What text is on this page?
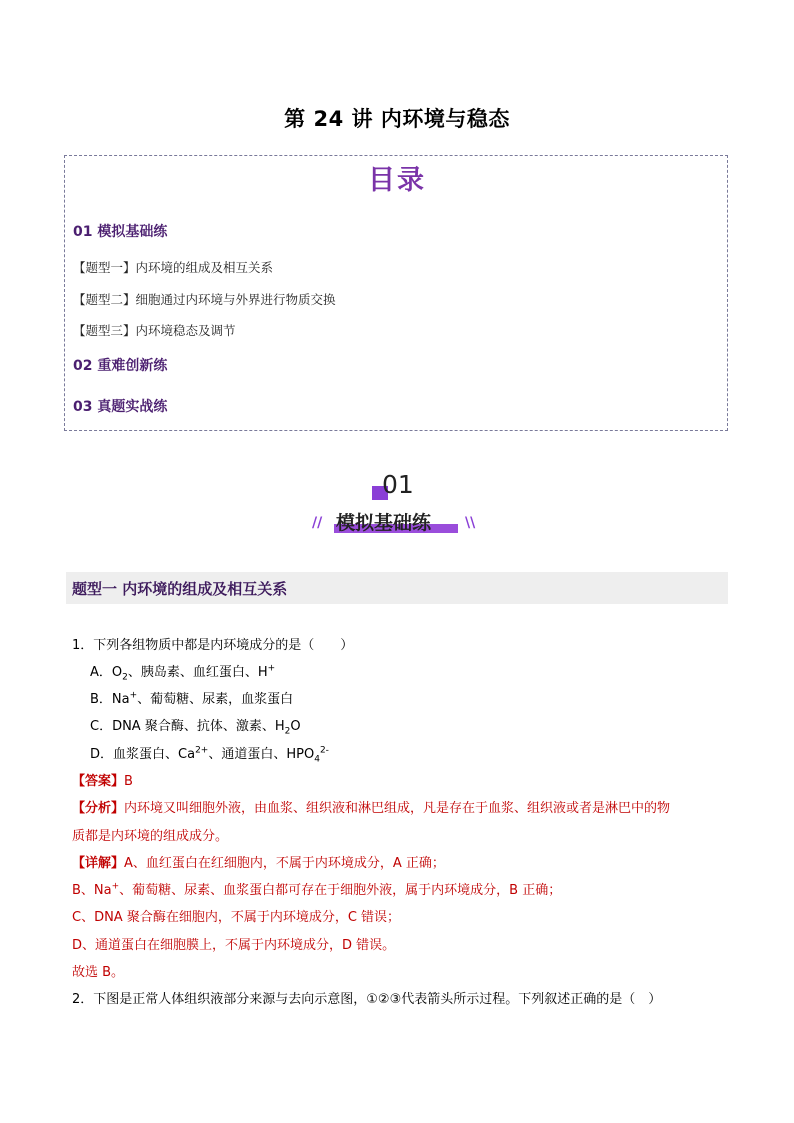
第 24 讲 内环境与稳态
目录
01 模拟基础练
【题型一】内环境的组成及相互关系
【题型二】细胞通过内环境与外界进行物质交换
【题型三】内环境稳态及调节
02 重难创新练
03 真题实战练
01
// 模拟基础练 \\
题型一 内环境的组成及相互关系
1．下列各组物质中都是内环境成分的是（　　）
A．$O_2$、胰岛素、血红蛋白、H+
B．Na+、葡萄糖、尿素，血浆蛋白
C．DNA 聚合酶、抗体、激素、$H_2O$
D．血浆蛋白、$Ca^{2+}$、通道蛋白、$HPO_4^{2-}$
【答案】B
【分析】内环境又叫细胞外液，由血浆、组织液和淋巴组成，凡是存在于血浆、组织液或者是淋巴中的物
质都是内环境的组成成分。
【详解】A、血红蛋白在红细胞内，不属于内环境成分，A 正确；
B、Na+、葡萄糖、尿素、血浆蛋白都可存在于细胞外液，属于内环境成分，B 正确；
C、DNA 聚合酶在细胞内，不属于内环境成分，C 错误；
D、通道蛋白在细胞膜上，不属于内环境成分，D 错误。
故选 B。
2．下图是正常人体组织液部分来源与去向示意图，①②③代表箭头所示过程。下列叙述正确的是（　）
